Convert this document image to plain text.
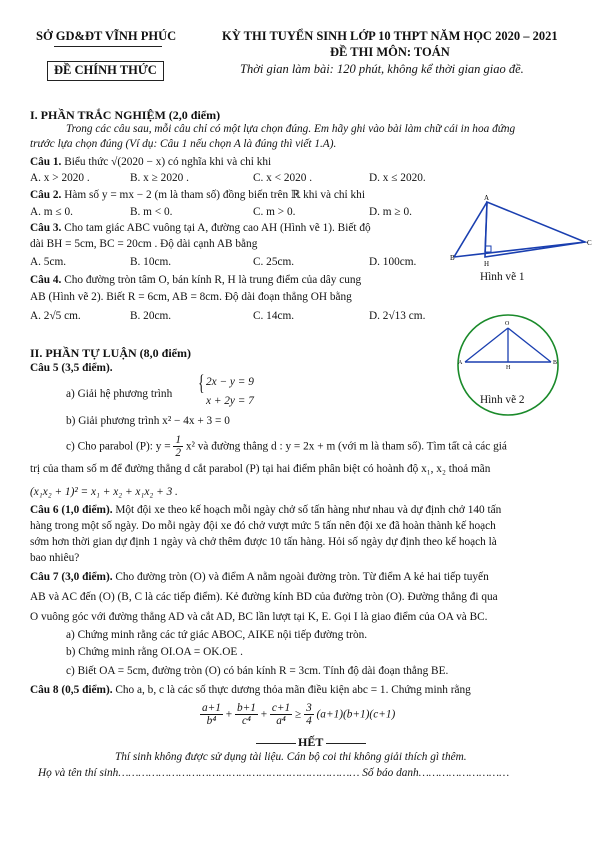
SỞ GD&ĐT VĨNH PHÚC	KỲ THI TUYỂN SINH LỚP 10 THPT NĂM HỌC 2020 – 2021
ĐỀ THI MÔN: TOÁN
ĐỀ CHÍNH THỨC	Thời gian làm bài: 120 phút, không kể thời gian giao đề.
I. PHẦN TRẮC NGHIỆM (2,0 điểm)
Trong các câu sau, mỗi câu chỉ có một lựa chọn đúng. Em hãy ghi vào bài làm chữ cái in hoa đứng
trước lựa chọn đúng (Ví dụ: Câu 1 nếu chọn A là đúng thì viết 1.A).
Câu 1. Biểu thức √(2020 − x) có nghĩa khi và chỉ khi
A. x > 2020 .	B. x ≥ 2020 .	C. x < 2020 .	D. x ≤ 2020.
Câu 2. Hàm số y = mx − 2 (m là tham số) đồng biến trên ℝ khi và chỉ khi
A. m ≤ 0.	B. m < 0.	C. m > 0.	D. m ≥ 0.
Câu 3. Cho tam giác ABC vuông tại A, đường cao AH (Hình vẽ 1). Biết độ
dài BH = 5cm, BC = 20cm . Độ dài cạnh AB bằng
A. 5cm.	B. 10cm.	C. 25cm.	D. 100cm.
Câu 4. Cho đường tròn tâm O, bán kính R, H là trung điểm của dây cung
AB (Hình vẽ 2). Biết R = 6cm, AB = 8cm. Độ dài đoạn thẳng OH bằng
A. 2√5 cm.	B. 20cm.	C. 14cm.	D. 2√13 cm.
A
B
C
H
Hình vẽ 1
O
A	B
H
Hình vẽ 2
II. PHẦN TỰ LUẬN (8,0 điểm)
Câu 5 (3,5 điểm).
a) Giải hệ phương trình { 2x − y = 9
x + 2y = 7
b) Giải phương trình x² − 4x + 3 = 0
c) Cho parabol (P): $y = \frac{1}{2} x^2$ và đường thẳng d : y = 2x + m (với m là tham số). Tìm tất cả các giá
trị của tham số m để đường thẳng d cắt parabol (P) tại hai điểm phân biệt có hoành độ x₁, x₂ thoả mãn
(x₁x₂ + 1)² = x₁ + x₂ + x₁x₂ + 3 .
Câu 6 (1,0 điểm). Một đội xe theo kế hoạch mỗi ngày chở số tấn hàng như nhau và dự định chở 140 tấn
hàng trong một số ngày. Do mỗi ngày đội xe đó chở vượt mức 5 tấn nên đội xe đã hoàn thành kế hoạch
sớm hơn thời gian dự định 1 ngày và chở thêm được 10 tấn hàng. Hỏi số ngày dự định theo kế hoạch là
bao nhiêu?
Câu 7 (3,0 điểm). Cho đường tròn (O) và điểm A nằm ngoài đường tròn. Từ điểm A kẻ hai tiếp tuyến
AB và AC đến (O) (B, C là các tiếp điểm). Kẻ đường kính BD của đường tròn (O). Đường thẳng đi qua
O vuông góc với đường thẳng AD và cắt AD, BC lần lượt tại K, E. Gọi I là giao điểm của OA và BC.
a) Chứng minh rằng các tứ giác ABOC, AIKE nội tiếp đường tròn.
b) Chứng minh rằng OI.OA = OK.OE .
c) Biết OA = 5cm, đường tròn (O) có bán kính R = 3cm. Tính độ dài đoạn thẳng BE.
Câu 8 (0,5 điểm). Cho a, b, c là các số thực dương thỏa mãn điều kiện abc = 1. Chứng minh rằng
$\frac{a+1}{\text{b⁴}} + \frac{b+1}{\text{c⁴}} + \frac{c+1}{\text{a⁴}} \ge \frac{3}{4} (a+1)(b+1)(c+1)$
HẾT
Thí sinh không được sử dụng tài liệu. Cán bộ coi thi không giải thích gì thêm.
Họ và tên thí sinh……………………………………………………………… Số báo danh………………………
